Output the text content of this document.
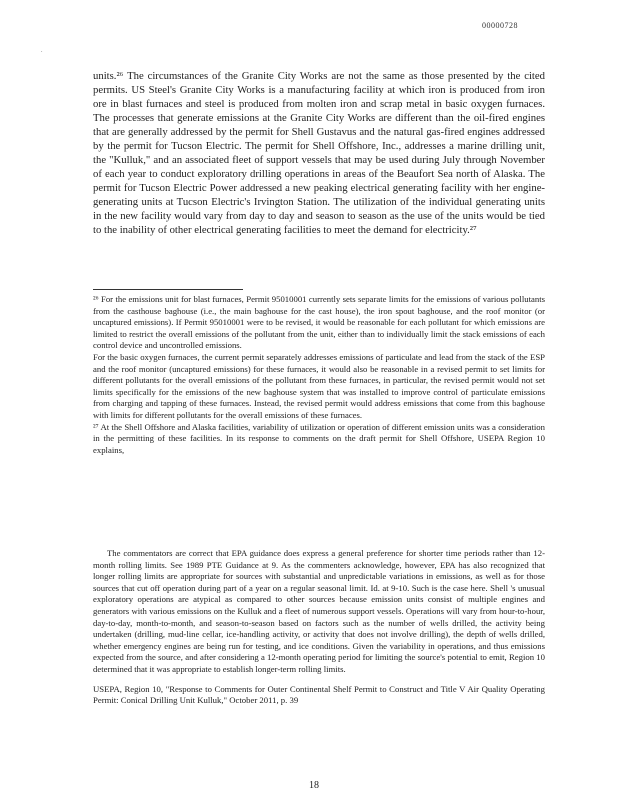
.
00000728

units.²⁶ The circumstances of the Granite City Works are not the same as those presented by the cited permits. US Steel's Granite City Works is a manufacturing facility at which iron is produced from iron ore in blast furnaces and steel is produced from molten iron and scrap metal in basic oxygen furnaces. The processes that generate emissions at the Granite City Works are different than the oil-fired engines that are generally addressed by the permit for Shell Gustavus and the natural gas-fired engines addressed by the permit for Tucson Electric. The permit for Shell Offshore, Inc., addresses a marine drilling unit, the "Kulluk," and an associated fleet of support vessels that may be used during July through November of each year to conduct exploratory drilling operations in areas of the Beaufort Sea north of Alaska. The permit for Tucson Electric Power addressed a new peaking electrical generating facility with her engine-generating units at Tucson Electric's Irvington Station. The utilization of the individual generating units in the new facility would vary from day to day and season to season as the use of the units would be tied to the inability of other electrical generating facilities to meet the demand for electricity.²⁷

²⁶ For the emissions unit for blast furnaces, Permit 95010001 currently sets separate limits for the emissions of various pollutants from the casthouse baghouse (i.e., the main baghouse for the cast house), the iron spout baghouse, and the roof monitor (or uncaptured emissions). If Permit 95010001 were to be revised, it would be reasonable for each pollutant for which emissions are limited to restrict the overall emissions of the pollutant from the unit, either than to individually limit the stack emissions of each control device and uncontrolled emissions.

For the basic oxygen furnaces, the current permit separately addresses emissions of particulate and lead from the stack of the ESP and the roof monitor (uncaptured emissions) for these furnaces, it would also be reasonable in a revised permit to set limits for different pollutants for the overall emissions of the pollutant from these furnaces, in particular, the revised permit would not set limits specifically for the emissions of the new baghouse system that was installed to improve control of particulate emissions from charging and tapping of these furnaces. Instead, the revised permit would address emissions that come from this baghouse with limits for different pollutants for the overall emissions of these furnaces.

²⁷ At the Shell Offshore and Alaska facilities, variability of utilization or operation of different emission units was a consideration in the permitting of these facilities. In its response to comments on the draft permit for Shell Offshore, USEPA Region 10 explains,

The commentators are correct that EPA guidance does express a general preference for shorter time periods rather than 12-month rolling limits. See 1989 PTE Guidance at 9. As the commenters acknowledge, however, EPA has also recognized that longer rolling limits are appropriate for sources with substantial and unpredictable variations in emissions, as well as for those sources that cut off operation during part of a year on a regular seasonal limit. Id. at 9-10. Such is the case here. Shell 's unusual exploratory operations are atypical as compared to other sources because emission units consist of multiple engines and generators with various emissions on the Kulluk and a fleet of numerous support vessels. Operations will vary from hour-to-hour, day-to-day, month-to-month, and season-to-season based on factors such as the number of wells drilled, the activity being undertaken (drilling, mud-line cellar, ice-handling activity, or activity that does not involve drilling), the depth of wells drilled, whether emergency engines are being run for testing, and ice conditions. Given the variability in operations, and thus emissions expected from the source, and after considering a 12-month operating period for limiting the source's potential to emit, Region 10 determined that it was appropriate to establish longer-term rolling limits.

USEPA, Region 10, "Response to Comments for Outer Continental Shelf Permit to Construct and Title V Air Quality Operating Permit: Conical Drilling Unit Kulluk," October 2011, p. 39

18
